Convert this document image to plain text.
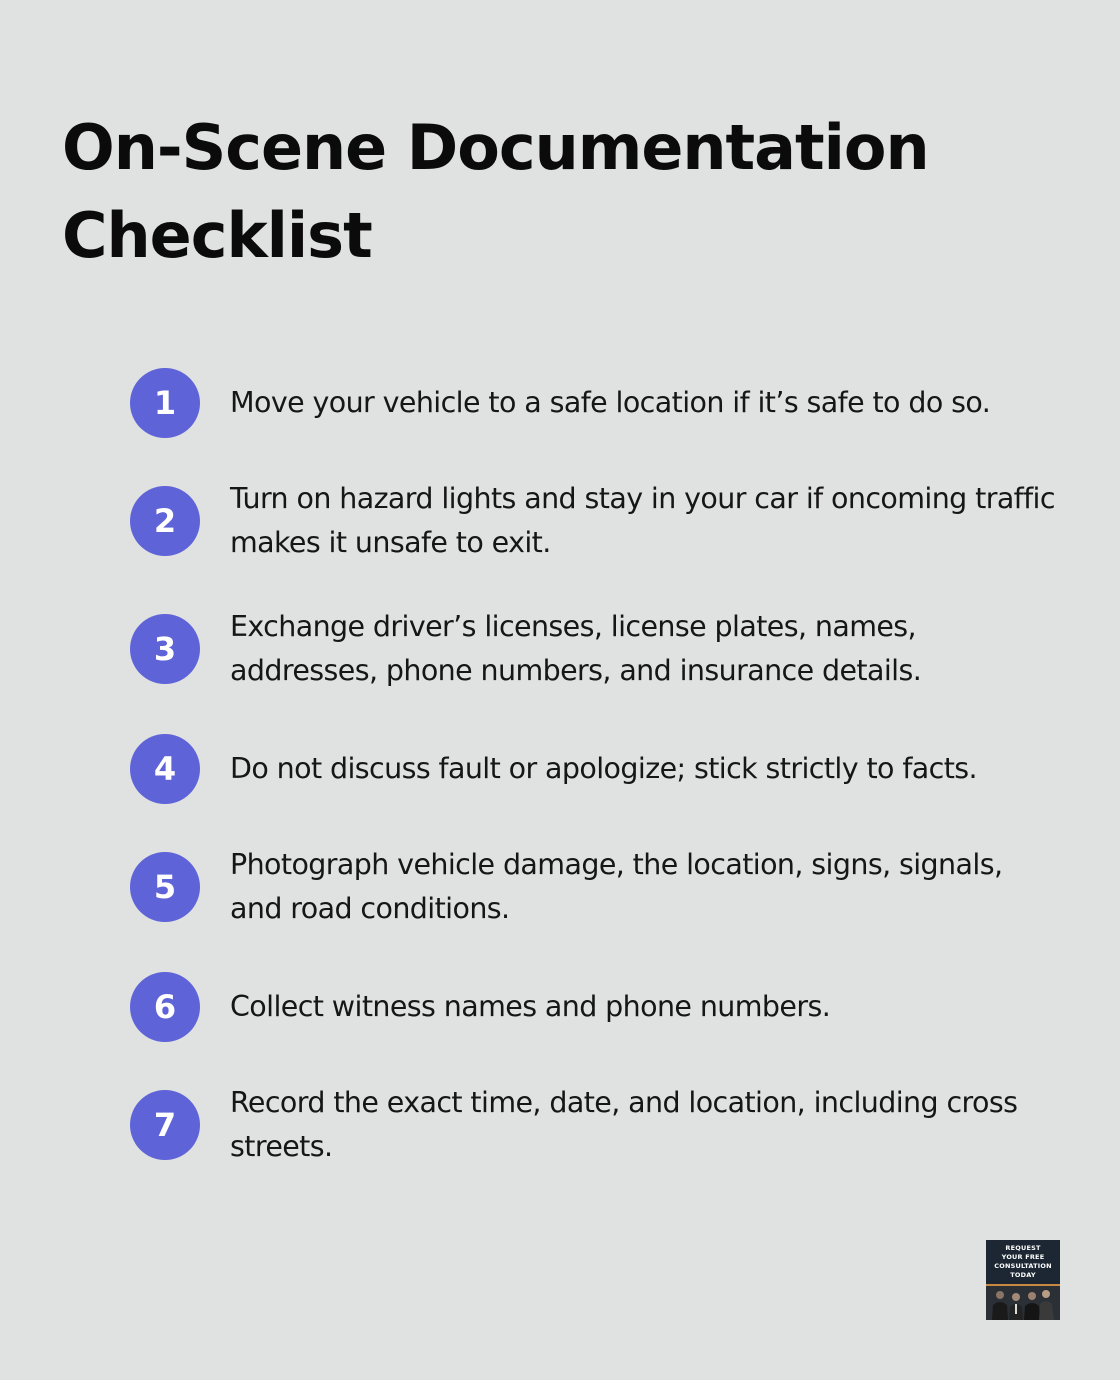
On-Scene Documentation Checklist
1	Move your vehicle to a safe location if it’s safe to do so.
2
Turn on hazard lights and stay in your car if oncoming traffic makes it unsafe to exit.
3
Exchange driver’s licenses, license plates, names, addresses, phone numbers, and insurance details.
4	Do not discuss fault or apologize; stick strictly to facts.
5
Photograph vehicle damage, the location, signs, signals, and road conditions.
6	Collect witness names and phone numbers.
7
Record the exact time, date, and location, including cross streets.
REQUEST
YOUR FREE
CONSULTATION
TODAY
